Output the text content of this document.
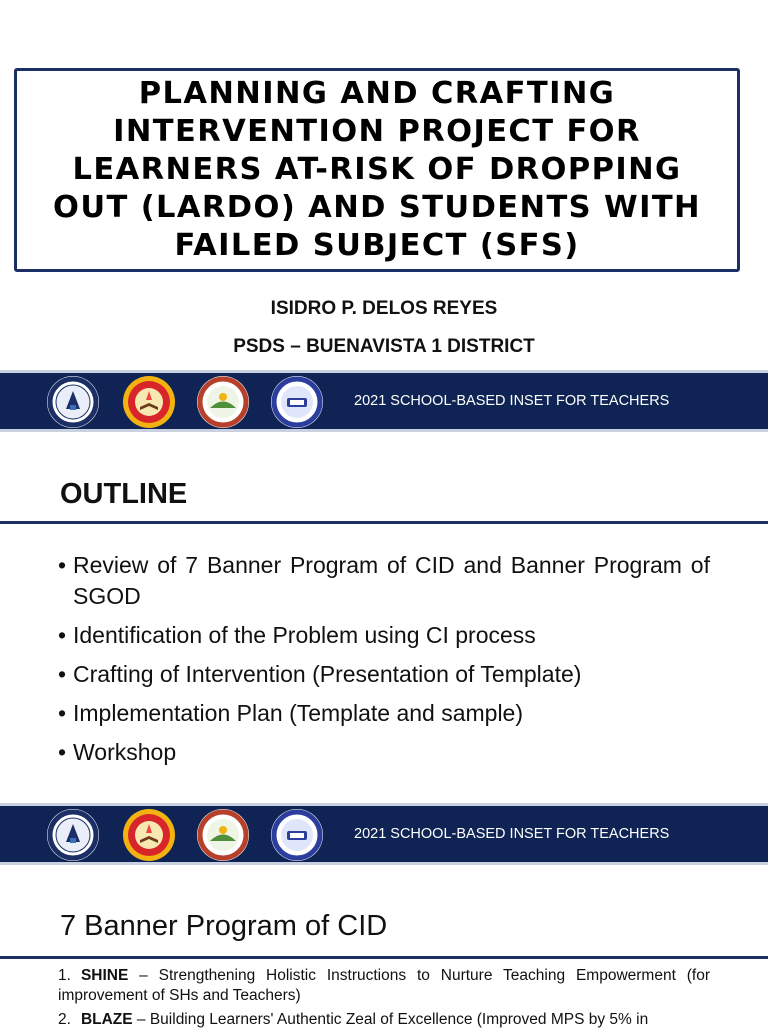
PLANNING AND CRAFTING
INTERVENTION PROJECT FOR
LEARNERS AT-RISK OF DROPPING
OUT (LARDO) AND STUDENTS WITH
FAILED SUBJECT (SFS)
ISIDRO P. DELOS REYES
PSDS – BUENAVISTA 1 DISTRICT
2021 SCHOOL-BASED INSET FOR TEACHERS
OUTLINE
• Review of 7 Banner Program of CID and Banner Program of SGOD
• Identification of the Problem using CI process
• Crafting of Intervention (Presentation of Template)
• Implementation Plan (Template and sample)
• Workshop
2021 SCHOOL-BASED INSET FOR TEACHERS
7 Banner Program of CID
1. SHINE – Strengthening Holistic Instructions to Nurture Teaching Empowerment (for improvement of SHs and Teachers)
2. BLAZE – Building Learners' Authentic Zeal of Excellence (Improved MPS by 5% in
